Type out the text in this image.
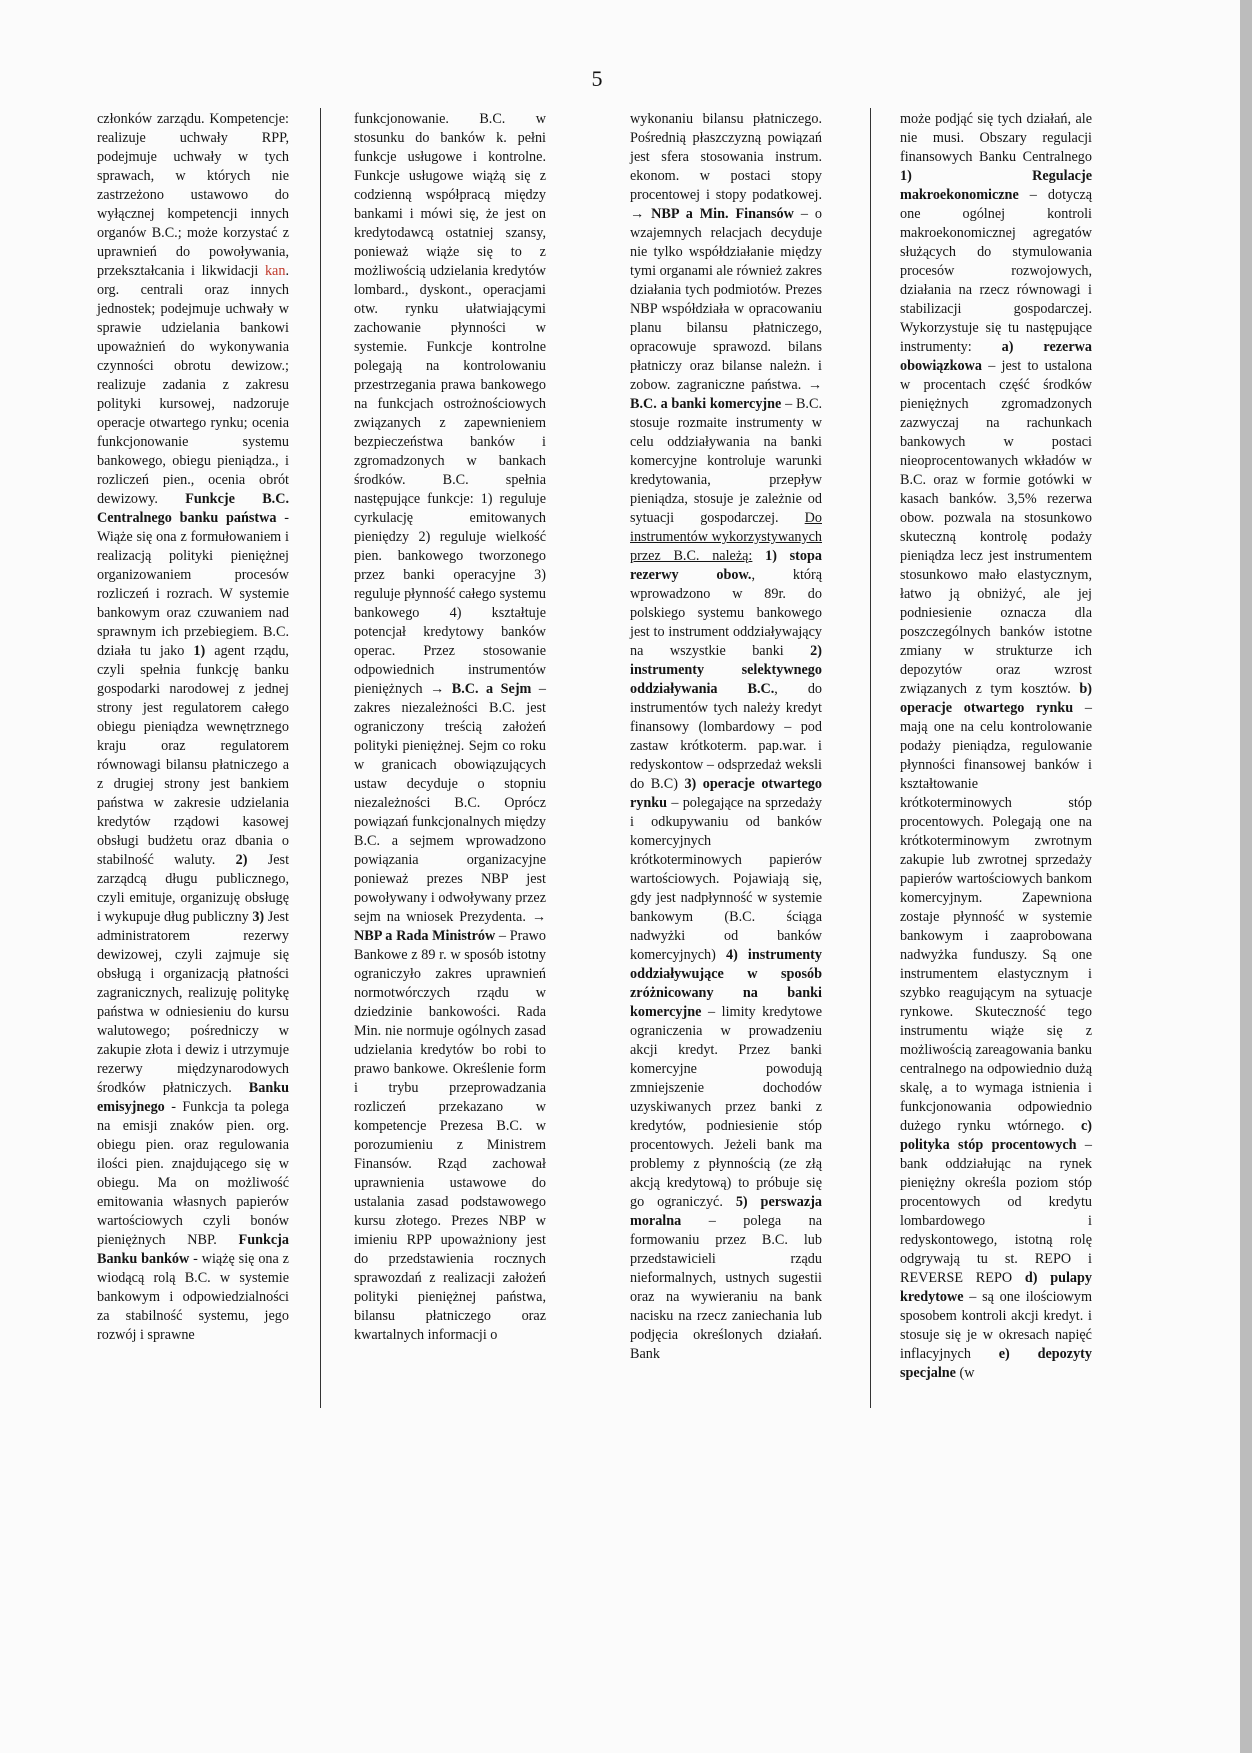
5
członków zarządu. Kompetencje: realizuje uchwały RPP, podejmuje uchwały w tych sprawach, w których nie zastrzeżono ustawowo do wyłącznej kompetencji innych organów B.C.; może korzystać z uprawnień do powoływania, przekształcania i likwidacji kan. org. centrali oraz innych jednostek; podejmuje uchwały w sprawie udzielania bankowi upoważnień do wykonywania czynności obrotu dewizow.; realizuje zadania z zakresu polityki kursowej, nadzoruje operacje otwartego rynku; ocenia funkcjonowanie systemu bankowego, obiegu pieniądza., i rozliczeń pien., ocenia obrót dewizowy. Funkcje B.C. Centralnego banku państwa - Wiąże się ona z formułowaniem i realizacją polityki pieniężnej organizowaniem procesów rozliczeń i rozrach. W systemie bankowym oraz czuwaniem nad sprawnym ich przebiegiem. B.C. działa tu jako 1) agent rządu, czyli spełnia funkcję banku gospodarki narodowej z jednej strony jest regulatorem całego obiegu pieniądza wewnętrznego kraju oraz regulatorem równowagi bilansu płatniczego a z drugiej strony jest bankiem państwa w zakresie udzielania kredytów rządowi kasowej obsługi budżetu oraz dbania o stabilność waluty. 2) Jest zarządcą długu publicznego, czyli emituje, organizuję obsługę i wykupuje dług publiczny 3) Jest administratorem rezerwy dewizowej, czyli zajmuje się obsługą i organizacją płatności zagranicznych, realizuję politykę państwa w odniesieniu do kursu walutowego; pośredniczy w zakupie złota i dewiz i utrzymuje rezerwy międzynarodowych środków płatniczych. Banku emisyjnego - Funkcja ta polega na emisji znaków pien. org. obiegu pien. oraz regulowania ilości pien. znajdującego się w obiegu. Ma on możliwość emitowania własnych papierów wartościowych czyli bonów pieniężnych NBP. Funkcja Banku banków - wiążę się ona z wiodącą rolą B.C. w systemie bankowym i odpowiedzialności za stabilność systemu, jego rozwój i sprawne
funkcjonowanie. B.C. w stosunku do banków k. pełni funkcje usługowe i kontrolne. Funkcje usługowe wiążą się z codzienną współpracą między bankami i mówi się, że jest on kredytodawcą ostatniej szansy, ponieważ wiąże się to z możliwością udzielania kredytów lombard., dyskont., operacjami otw. rynku ułatwiającymi zachowanie płynności w systemie. Funkcje kontrolne polegają na kontrolowaniu przestrzegania prawa bankowego na funkcjach ostrożnościowych związanych z zapewnieniem bezpieczeństwa banków i zgromadzonych w bankach środków. B.C. spełnia następujące funkcje: 1) reguluje cyrkulację emitowanych pieniędzy 2) reguluje wielkość pien. bankowego tworzonego przez banki operacyjne 3) reguluje płynność całego systemu bankowego 4) kształtuje potencjał kredytowy banków operac. Przez stosowanie odpowiednich instrumentów pieniężnych → B.C. a Sejm – zakres niezależności B.C. jest ograniczony treścią założeń polityki pieniężnej. Sejm co roku w granicach obowiązujących ustaw decyduje o stopniu niezależności B.C. Oprócz powiązań funkcjonalnych między B.C. a sejmem wprowadzono powiązania organizacyjne ponieważ prezes NBP jest powoływany i odwoływany przez sejm na wniosek Prezydenta. → NBP a Rada Ministrów – Prawo Bankowe z 89 r. w sposób istotny ograniczyło zakres uprawnień normotwórczych rządu w dziedzinie bankowości. Rada Min. nie normuje ogólnych zasad udzielania kredytów bo robi to prawo bankowe. Określenie form i trybu przeprowadzania rozliczeń przekazano w kompetencje Prezesa B.C. w porozumieniu z Ministrem Finansów. Rząd zachował uprawnienia ustawowe do ustalania zasad podstawowego kursu złotego. Prezes NBP w imieniu RPP upoważniony jest do przedstawienia rocznych sprawozdań z realizacji założeń polityki pieniężnej państwa, bilansu płatniczego oraz kwartalnych informacji o
wykonaniu bilansu płatniczego. Pośrednią płaszczyzną powiązań jest sfera stosowania instrum. ekonom. w postaci stopy procentowej i stopy podatkowej. → NBP a Min. Finansów – o wzajemnych relacjach decyduje nie tylko współdziałanie między tymi organami ale również zakres działania tych podmiotów. Prezes NBP współdziała w opracowaniu planu bilansu płatniczego, opracowuje sprawozd. bilans płatniczy oraz bilanse należn. i zobow. zagraniczne państwa. → B.C. a banki komercyjne – B.C. stosuje rozmaite instrumenty w celu oddziaływania na banki komercyjne kontroluje warunki kredytowania, przepływ pieniądza, stosuje je zależnie od sytuacji gospodarczej. Do instrumentów wykorzystywanych przez B.C. należą: 1) stopa rezerwy obow., którą wprowadzono w 89r. do polskiego systemu bankowego jest to instrument oddziaływający na wszystkie banki 2) instrumenty selektywnego oddziaływania B.C., do instrumentów tych należy kredyt finansowy (lombardowy – pod zastaw krótkoterm. pap.war. i redyskontow – odsprzedaż weksli do B.C) 3) operacje otwartego rynku – polegające na sprzedaży i odkupywaniu od banków komercyjnych krótkoterminowych papierów wartościowych. Pojawiają się, gdy jest nadpłynność w systemie bankowym (B.C. ściąga nadwyżki od banków komercyjnych) 4) instrumenty oddziaływujące w sposób zróżnicowany na banki komercyjne – limity kredytowe ograniczenia w prowadzeniu akcji kredyt. Przez banki komercyjne powodują zmniejszenie dochodów uzyskiwanych przez banki z kredytów, podniesienie stóp procentowych. Jeżeli bank ma problemy z płynnością (ze złą akcją kredytową) to próbuje się go ograniczyć. 5) perswazja moralna – polega na formowaniu przez B.C. lub przedstawicieli rządu nieformalnych, ustnych sugestii oraz na wywieraniu na bank nacisku na rzecz zaniechania lub podjęcia określonych działań. Bank
może podjąć się tych działań, ale nie musi. Obszary regulacji finansowych Banku Centralnego 1) Regulacje makroekonomiczne – dotyczą one ogólnej kontroli makroekonomicznej agregatów służących do stymulowania procesów rozwojowych, działania na rzecz równowagi i stabilizacji gospodarczej. Wykorzystuje się tu następujące instrumenty: a) rezerwa obowiązkowa – jest to ustalona w procentach część środków pieniężnych zgromadzonych zazwyczaj na rachunkach bankowych w postaci nieoprocentowanych wkładów w B.C. oraz w formie gotówki w kasach banków. 3,5% rezerwa obow. pozwala na stosunkowo skuteczną kontrolę podaży pieniądza lecz jest instrumentem stosunkowo mało elastycznym, łatwo ją obniżyć, ale jej podniesienie oznacza dla poszczególnych banków istotne zmiany w strukturze ich depozytów oraz wzrost związanych z tym kosztów. b) operacje otwartego rynku – mają one na celu kontrolowanie podaży pieniądza, regulowanie płynności finansowej banków i kształtowanie krótkoterminowych stóp procentowych. Polegają one na krótkoterminowym zwrotnym zakupie lub zwrotnej sprzedaży papierów wartościowych bankom komercyjnym. Zapewniona zostaje płynność w systemie bankowym i zaaprobowana nadwyżka funduszy. Są one instrumentem elastycznym i szybko reagującym na sytuacje rynkowe. Skuteczność tego instrumentu wiąże się z możliwością zareagowania banku centralnego na odpowiednio dużą skalę, a to wymaga istnienia i funkcjonowania odpowiednio dużego rynku wtórnego. c) polityka stóp procentowych – bank oddziałując na rynek pieniężny określa poziom stóp procentowych od kredytu lombardowego i redyskontowego, istotną rolę odgrywają tu st. REPO i REVERSE REPO d) pulapy kredytowe – są one ilościowym sposobem kontroli akcji kredyt. i stosuje się je w okresach napięć inflacyjnych e) depozyty specjalne (w
